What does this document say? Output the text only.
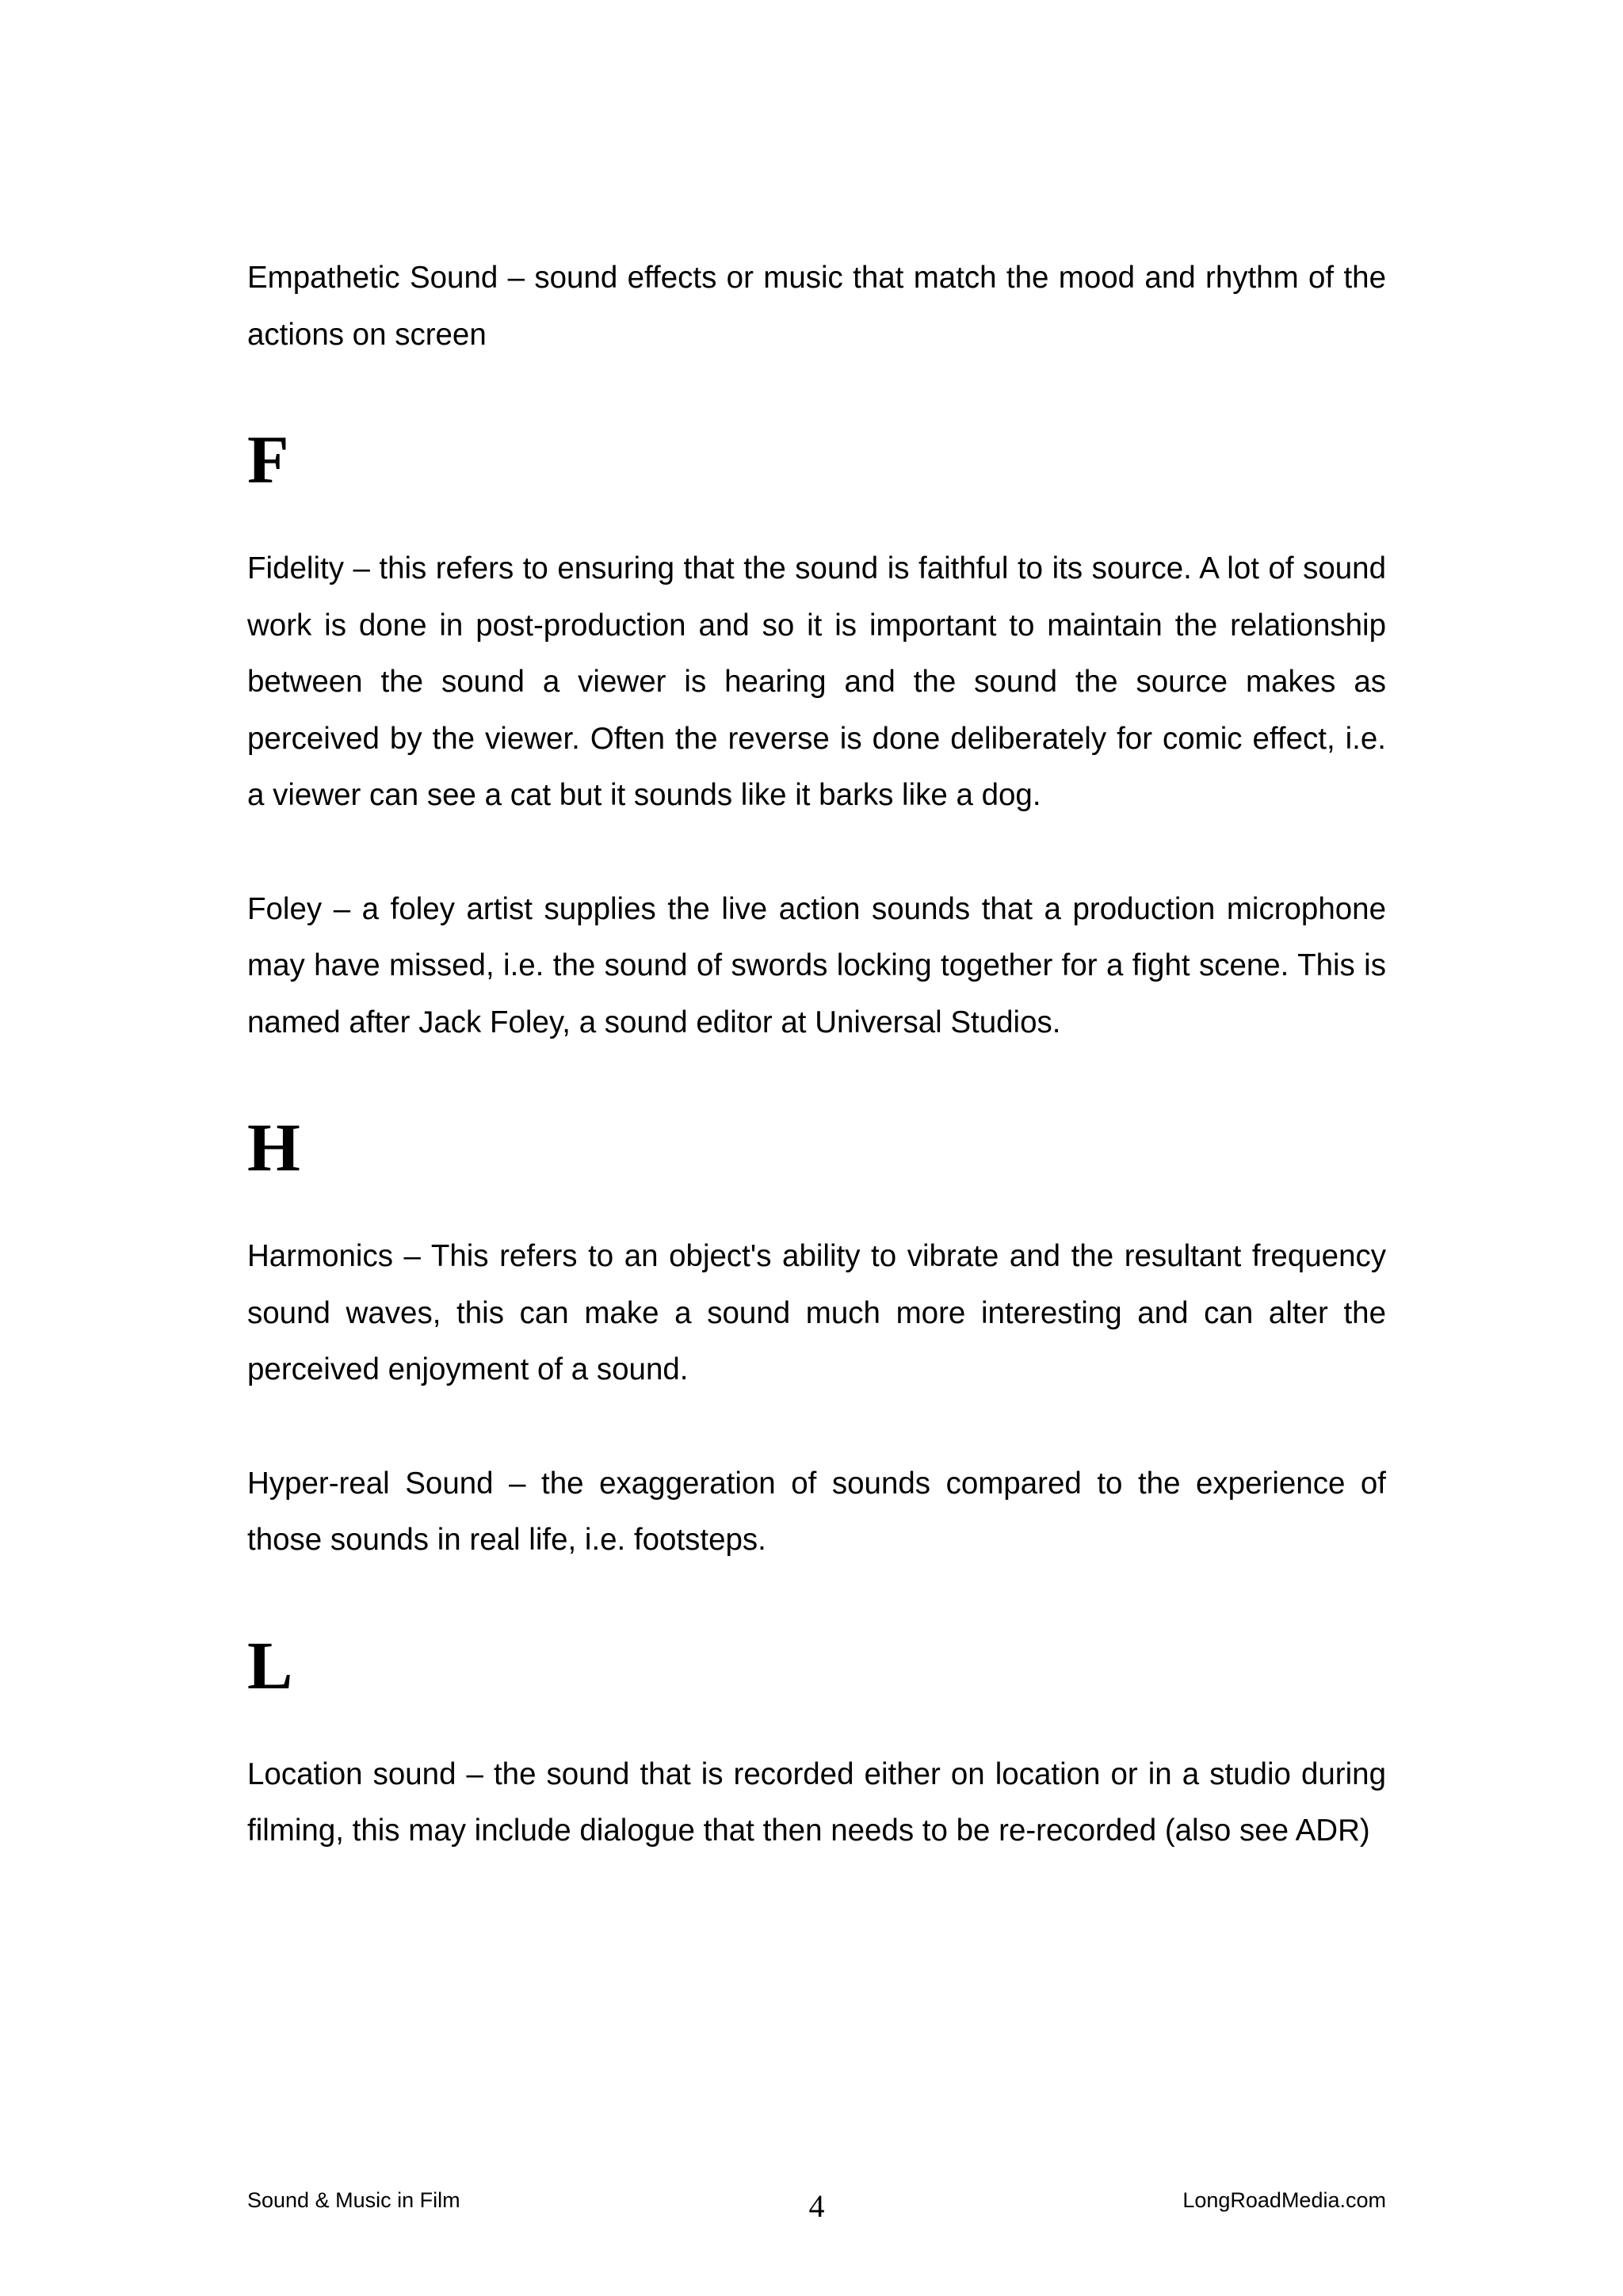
Empathetic Sound – sound effects or music that match the mood and rhythm of the actions on screen

F

Fidelity – this refers to ensuring that the sound is faithful to its source. A lot of sound work is done in post-production and so it is important to maintain the relationship between the sound a viewer is hearing and the sound the source makes as perceived by the viewer. Often the reverse is done deliberately for comic effect, i.e. a viewer can see a cat but it sounds like it barks like a dog.

Foley – a foley artist supplies the live action sounds that a production microphone may have missed, i.e. the sound of swords locking together for a fight scene. This is named after Jack Foley, a sound editor at Universal Studios.

H

Harmonics – This refers to an object's ability to vibrate and the resultant frequency sound waves, this can make a sound much more interesting and can alter the perceived enjoyment of a sound.

Hyper-real Sound – the exaggeration of sounds compared to the experience of those sounds in real life, i.e. footsteps.

L

Location sound – the sound that is recorded either on location or in a studio during filming, this may include dialogue that then needs to be re-recorded (also see ADR)

Sound & Music in Film	4	LongRoadMedia.com
